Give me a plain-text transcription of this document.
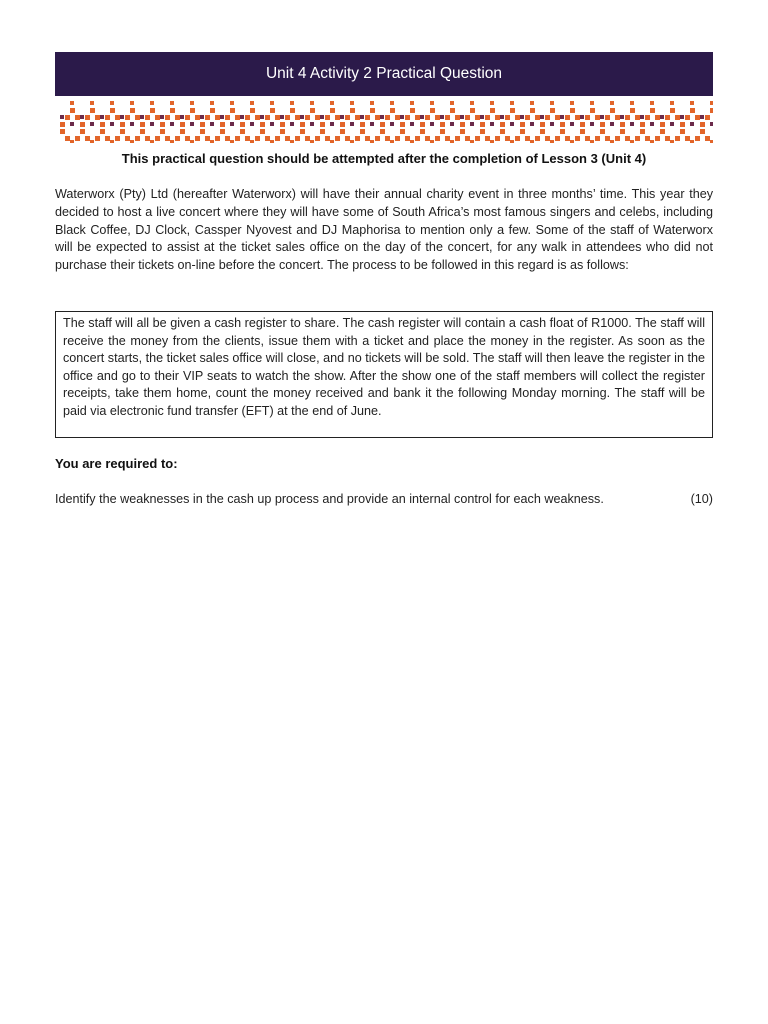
Unit 4 Activity 2 Practical Question
This practical question should be attempted after the completion of Lesson 3 (Unit 4)

Waterworx (Pty) Ltd (hereafter Waterworx) will have their annual charity event in three months’ time. This year they decided to host a live concert where they will have some of South Africa’s most famous singers and celebs, including Black Coffee, DJ Clock, Cassper Nyovest and DJ Maphorisa to mention only a few. Some of the staff of Waterworx will be expected to assist at the ticket sales office on the day of the concert, for any walk in attendees who did not purchase their tickets on-line before the concert. The process to be followed in this regard is as follows:

The staff will all be given a cash register to share. The cash register will contain a cash float of R1000. The staff will receive the money from the clients, issue them with a ticket and place the money in the register. As soon as the concert starts, the ticket sales office will close, and no tickets will be sold. The staff will then leave the register in the office and go to their VIP seats to watch the show. After the show one of the staff members will collect the register receipts, take them home, count the money received and bank it the following Monday morning. The staff will be paid via electronic fund transfer (EFT) at the end of June.

You are required to:
Identify the weaknesses in the cash up process and provide an internal control for each weakness.	(10)
